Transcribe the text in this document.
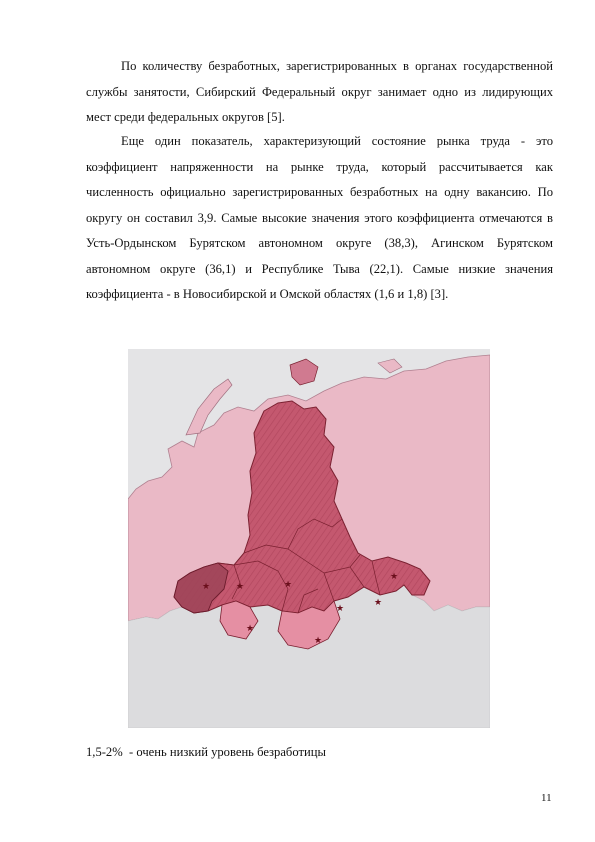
По количеству безработных, зарегистрированных в органах государственной службы занятости, Сибирский Федеральный округ занимает одно из лидирующих мест среди федеральных округов [5].

Еще один показатель, характеризующий состояние рынка труда - это коэффициент напряженности на рынке труда, который рассчитывается как численность официально зарегистрированных безработных на одну вакансию. По округу он составил 3,9. Самые высокие значения этого коэффициента отмечаются в Усть-Ордынском Бурятском автономном округе (38,3), Агинском Бурятском автономном округе (36,1) и Республике Тыва (22,1). Самые низкие значения коэффициента - в Новосибирской и Омской областях (1,6 и 1,8) [3].

★	★
★
★
★
★
★
★
1,5-2%  - очень низкий уровень безработицы
11
